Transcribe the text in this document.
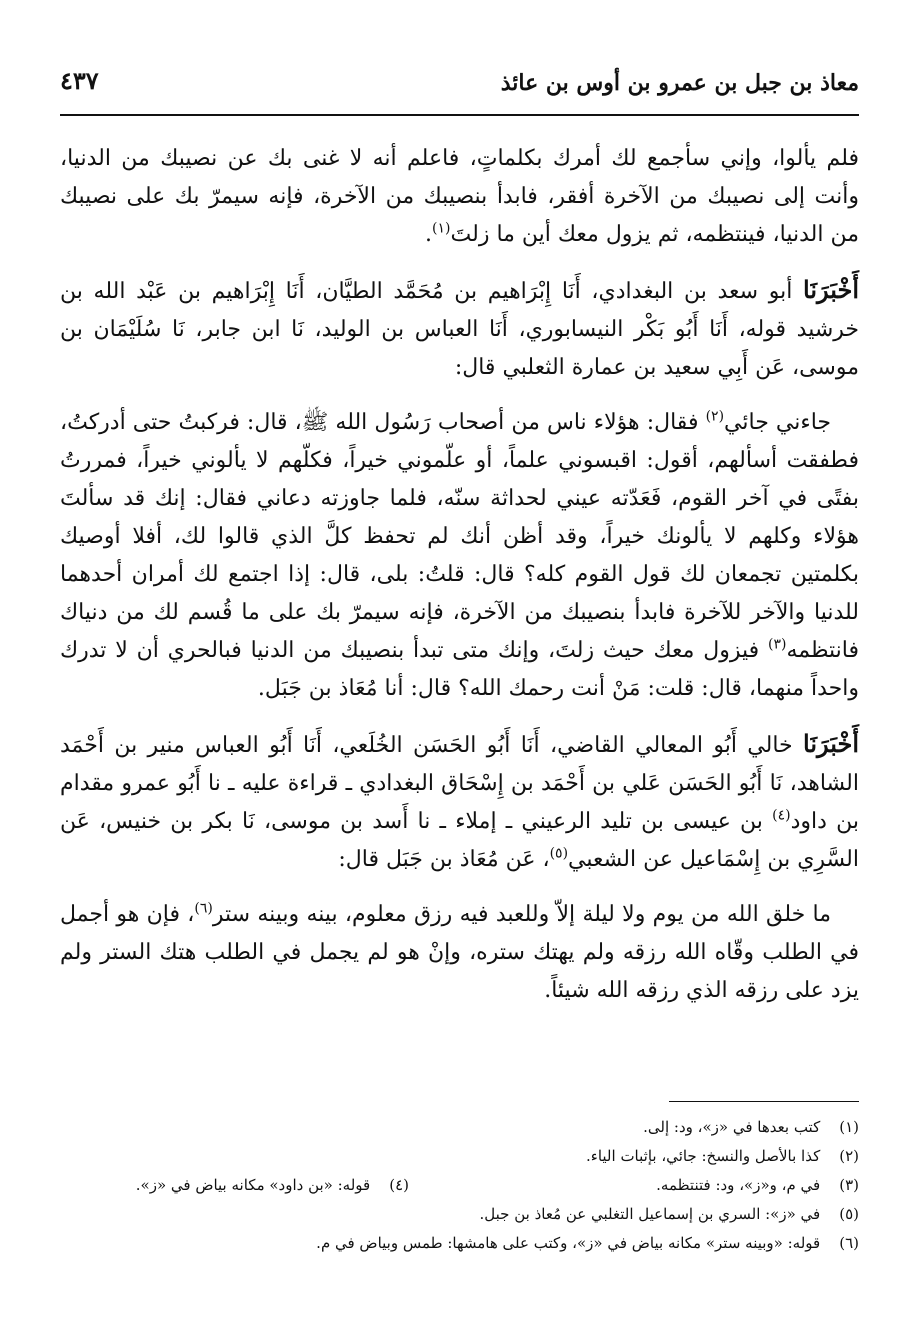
معاذ بن جبل بن عمرو بن أوس بن عائذ
٤٣٧

فلم يألوا، وإني سأجمع لك أمرك بكلماتٍ، فاعلم أنه لا غنى بك عن نصيبك من الدنيا، وأنت إلى نصيبك من الآخرة أفقر، فابدأ بنصيبك من الآخرة، فإنه سيمرّ بك على نصيبك من الدنيا، فينتظمه، ثم يزول معك أين ما زلتَ$^{(١)}$.

أَخْبَرَنَا أبو سعد بن البغدادي، أَنَا إِبْرَاهيم بن مُحَمَّد الطيَّان، أَنَا إِبْرَاهيم بن عَبْد الله بن خرشيد قوله، أَنَا أَبُو بَكْر النيسابوري، أَنَا العباس بن الوليد، نَا ابن جابر، نَا سُلَيْمَان بن موسى، عَن أَبِي سعيد بن عمارة الثعلبي قال:

جاءني جائي$^{(٢)}$ فقال: هؤلاء ناس من أصحاب رَسُول الله ﷺ، قال: فركبتُ حتى أدركتُ، فطفقت أسألهم، أقول: اقبسوني علماً، أو علّموني خيراً، فكلّهم لا يألوني خيراً، فمررتُ بفتًى في آخر القوم، فَعَدّته عيني لحداثة سنّه، فلما جاوزته دعاني فقال: إنك قد سألتَ هؤلاء وكلهم لا يألونك خيراً، وقد أظن أنك لم تحفظ كلَّ الذي قالوا لك، أفلا أوصيك بكلمتين تجمعان لك قول القوم كله؟ قال: قلتُ: بلى، قال: إذا اجتمع لك أمران أحدهما للدنيا والآخر للآخرة فابدأ بنصيبك من الآخرة، فإنه سيمرّ بك على ما قُسم لك من دنياك فانتظمه$^{(٣)}$ فيزول معك حيث زلتَ، وإنك متى تبدأ بنصيبك من الدنيا فبالحري أن لا تدرك واحداً منهما، قال: قلت: مَنْ أنت رحمك الله؟ قال: أنا مُعَاذ بن جَبَل.

أَخْبَرَنَا خالي أَبُو المعالي القاضي، أَنَا أَبُو الحَسَن الخُلَعي، أَنَا أَبُو العباس منير بن أَحْمَد الشاهد، نَا أَبُو الحَسَن عَلي بن أَحْمَد بن إِسْحَاق البغدادي ـ قراءة عليه ـ نا أَبُو عمرو مقدام بن داود$^{(٤)}$ بن عيسى بن تليد الرعيني ـ إملاء ـ نا أَسد بن موسى، نَا بكر بن خنيس، عَن السَّرِي بن إِسْمَاعيل عن الشعبي$^{(٥)}$، عَن مُعَاذ بن جَبَل قال:

ما خلق الله من يوم ولا ليلة إلاّ وللعبد فيه رزق معلوم، بينه وبينه ستر$^{(٦)}$، فإن هو أجمل في الطلب وقّاه الله رزقه ولم يهتك ستره، وإنْ هو لم يجمل في الطلب هتك الستر ولم يزد على رزقه الذي رزقه الله شيئاً.

(١) كتب بعدها في «ز»، ود: إلى.
(٢) كذا بالأصل والنسخ: جائي، بإثبات الياء.
(٣) في م، و«ز»، ود: فتنتظمه.
(٤) قوله: «بن داود» مكانه بياض في «ز».
(٥) في «ز»: السري بن إسماعيل التغلبي عن مُعاذ بن جبل.
(٦) قوله: «وبينه ستر» مكانه بياض في «ز»، وكتب على هامشها: طمس وبياض في م.
